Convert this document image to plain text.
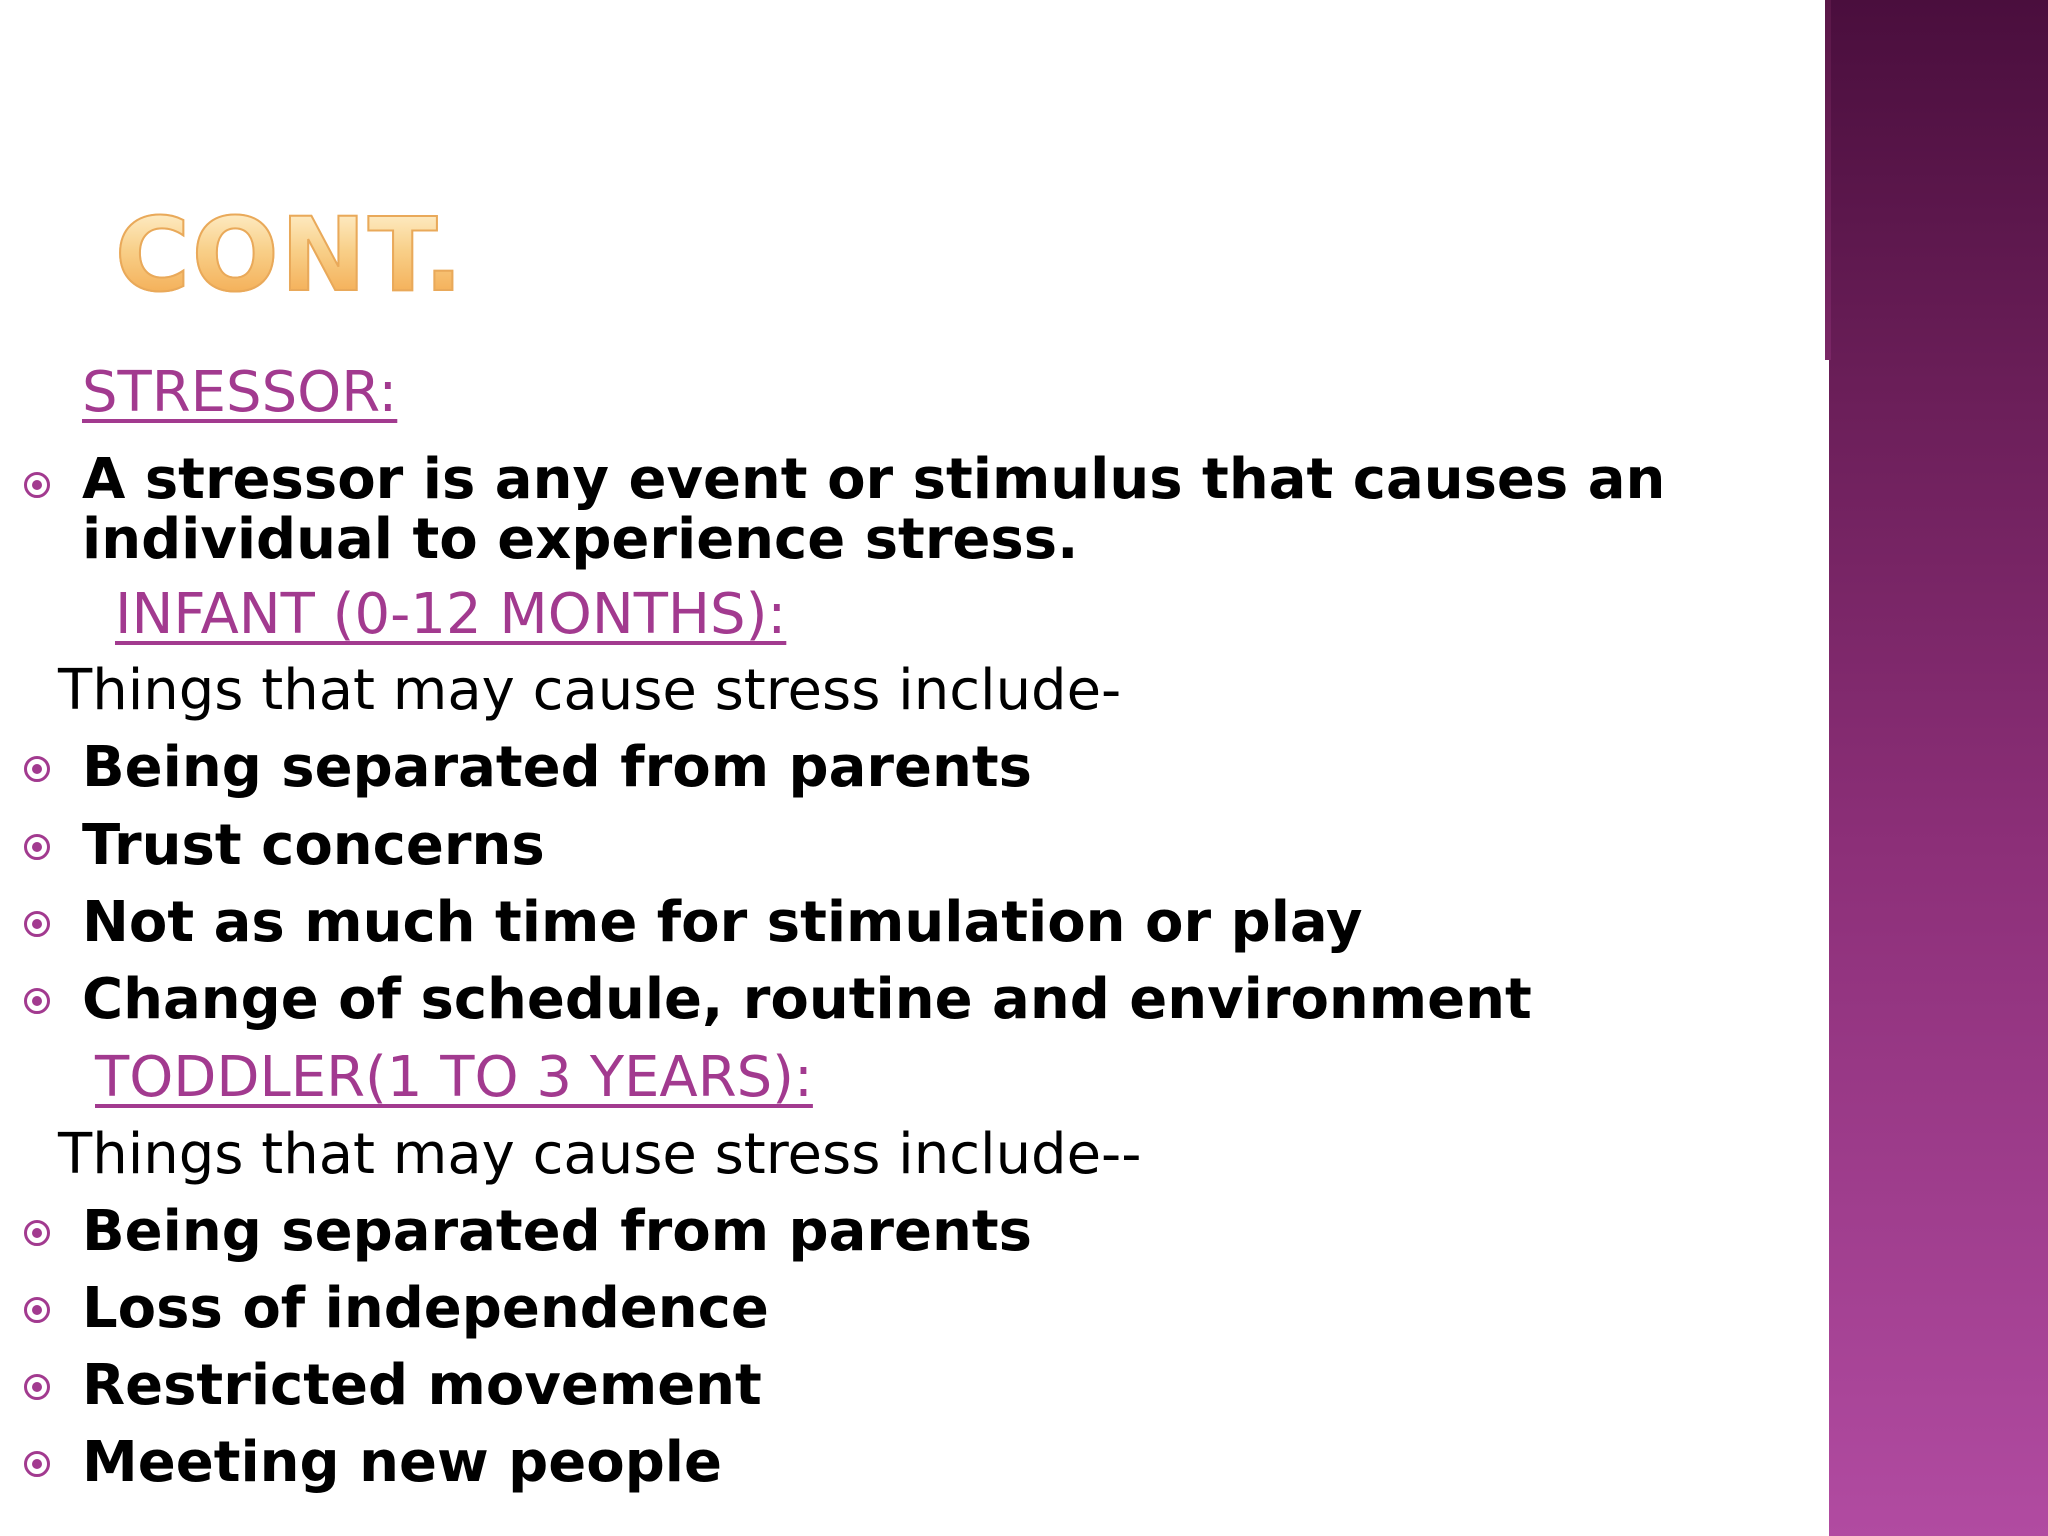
CONT.
STRESSOR:
A stressor is any event or stimulus that causes an
individual to experience stress.
INFANT (0-12 MONTHS):
Things that may cause stress include-
Being separated from parents
Trust concerns
Not as much time for stimulation or play
Change of schedule, routine and environment
TODDLER(1 TO 3 YEARS):
Things that may cause stress include--
Being separated from parents
Loss of independence
Restricted movement
Meeting new people
